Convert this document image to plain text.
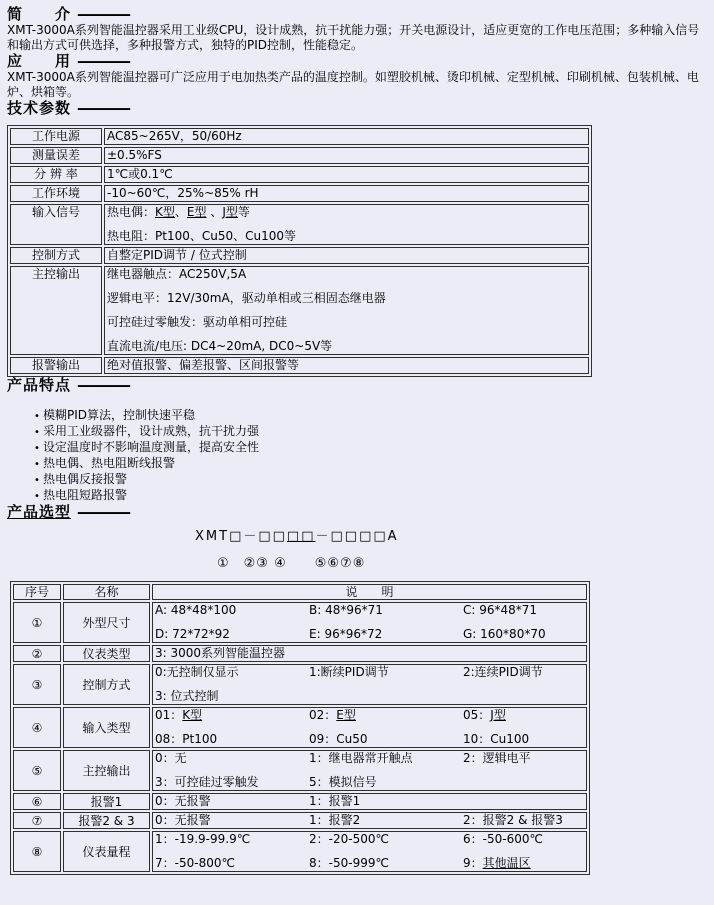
简　　介 ————

XMT-3000A系列智能温控器采用工业级CPU，设计成熟，抗干扰能力强；开关电源设计，适应更宽的工作电压范围；多种输入信号和输出方式可供选择，多种报警方式，独特的PID控制，性能稳定。

应　　用 ————

XMT-3000A系列智能温控器可广泛应用于电加热类产品的温度控制。如塑胶机械、烫印机械、定型机械、印刷机械、包装机械、电炉、烘箱等。

技术参数 ————
工作电源	AC85~265V，50/60Hz

测量误差	±0.5%FS

分 辨 率	1℃或0.1℃

工作环境	-10~60℃，25%~85% rH

输入信号	热电偶：K型、E型 、J型等
热电阻：Pt100、Cu50、Cu100等

控制方式	自整定PID调节 / 位式控制

主控输出	继电器触点：AC250V,5A
逻辑电平：12V/30mA，驱动单相或三相固态继电器
可控硅过零触发：驱动单相可控硅
直流电流/电压: DC4~20mA, DC0~5V等

报警输出	绝对值报警、偏差报警、区间报警等
产品特点 ————
• 模糊PID算法，控制快速平稳
• 采用工业级器件，设计成熟，抗干扰力强
• 设定温度时不影响温度测量，提高安全性
• 热电偶、热电阻断线报警
• 热电偶反接报警
• 热电阻短路报警
产品选型 ————
XMT□－□□□□－□□□□A
①　②③ ④　　⑤⑥⑦⑧
序号	名称	说　　明
①	外型尺寸	
A: 48*48*100	B: 48*96*71	C: 96*48*71
D: 72*72*92	E: 96*96*72	G: 160*80*70

②	仪表类型	3: 3000系列智能温控器

③	控制方式	0:无控制仅显示 1:断续PID调节 2:连续PID调节
3: 位式控制

④	输入类型	
01：K型	02：E型	05：J型
08：Pt100	09：Cu50	10：Cu100

⑤	主控输出	0：无 1：继电器常开触点 2：逻辑电平
3：可控硅过零触发 5：模拟信号

⑥	报警1	0：无报警 1：报警1

⑦	报警2 & 3	0：无报警 1：报警2 2：报警2 & 报警3

⑧	仪表量程	
1：-19.9-99.9℃	2：-20-500℃	6：-50-600℃
7：-50-800℃	8：-50-999℃	9：其他温区
